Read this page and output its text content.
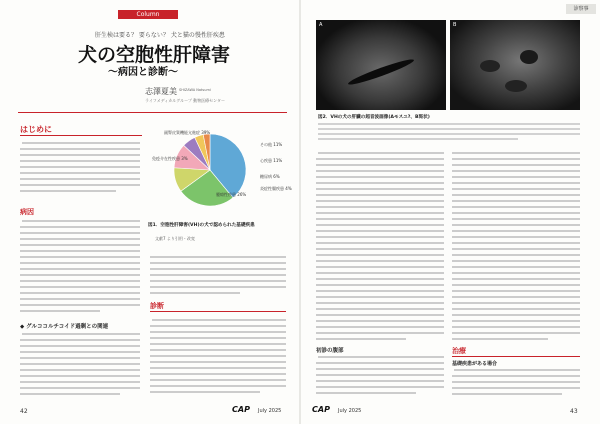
Column
肝生検は要る？ 要らない？ 犬と猫の慢性肝疾患
犬の空胞性肝障害
〜病因と診断〜
志澤夏美 SHIZAWA Natsumi
ライフメディカルグループ 動物医療センター
はじめに
病因
◆ グルココルチコイド過剰との関連
副腎皮質機能亢進症 39%
腫瘍性疾患 26%
その他 11%
心疾患 11%
糖尿病 6%
炎症性腸疾患 4%
免疫介在性疾患 3%
図1．空胞性肝障害(VH)の犬で認められた基礎疾患
文献7 より引用・改変
診断
42	CAP July 2025
診察事
A	B
図2．VHの犬の肝臓の超音波画像(Aモスユ?、B斑状)
初診の腹部	治療
基礎疾患がある場合
CAP July 2025	43
